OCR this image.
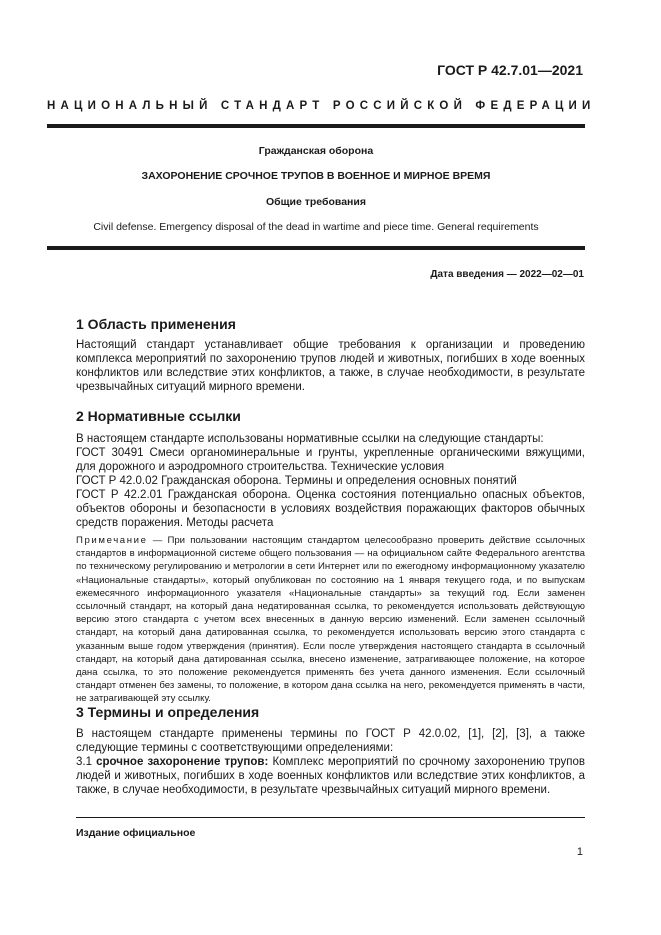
ГОСТ Р 42.7.01—2021
НАЦИОНАЛЬНЫЙ СТАНДАРТ РОССИЙСКОЙ ФЕДЕРАЦИИ
Гражданская оборона
ЗАХОРОНЕНИЕ СРОЧНОЕ ТРУПОВ В ВОЕННОЕ И МИРНОЕ ВРЕМЯ
Общие требования
Civil defense. Emergency disposal of the dead in wartime and piece time. General requirements
Дата введения — 2022—02—01
1 Область применения

Настоящий стандарт устанавливает общие требования к организации и проведению комплекса мероприятий по захоронению трупов людей и животных, погибших в ходе военных конфликтов или вследствие этих конфликтов, а также, в случае необходимости, в результате чрезвычайных ситуаций мирного времени.

2 Нормативные ссылки

В настоящем стандарте использованы нормативные ссылки на следующие стандарты:

ГОСТ 30491 Смеси органоминеральные и грунты, укрепленные органическими вяжущими, для дорожного и аэродромного строительства. Технические условия

ГОСТ Р 42.0.02 Гражданская оборона. Термины и определения основных понятий

ГОСТ Р 42.2.01 Гражданская оборона. Оценка состояния потенциально опасных объектов, объектов обороны и безопасности в условиях воздействия поражающих факторов обычных средств поражения. Методы расчета

Примечание — При пользовании настоящим стандартом целесообразно проверить действие ссылочных стандартов в информационной системе общего пользования — на официальном сайте Федерального агентства по техническому регулированию и метрологии в сети Интернет или по ежегодному информационному указателю «Национальные стандарты», который опубликован по состоянию на 1 января текущего года, и по выпускам ежемесячного информационного указателя «Национальные стандарты» за текущий год. Если заменен ссылочный стандарт, на который дана недатированная ссылка, то рекомендуется использовать действующую версию этого стандарта с учетом всех внесенных в данную версию изменений. Если заменен ссылочный стандарт, на который дана датированная ссылка, то рекомендуется использовать версию этого стандарта с указанным выше годом утверждения (принятия). Если после утверждения настоящего стандарта в ссылочный стандарт, на который дана датированная ссылка, внесено изменение, затрагивающее положение, на которое дана ссылка, то это положение рекомендуется применять без учета данного изменения. Если ссылочный стандарт отменен без замены, то положение, в котором дана ссылка на него, рекомендуется применять в части, не затрагивающей эту ссылку.
3 Термины и определения

В настоящем стандарте применены термины по ГОСТ Р 42.0.02, [1], [2], [3], а также следующие термины с соответствующими определениями:

3.1 срочное захоронение трупов: Комплекс мероприятий по срочному захоронению трупов людей и животных, погибших в ходе военных конфликтов или вследствие этих конфликтов, а также, в случае необходимости, в результате чрезвычайных ситуаций мирного времени.

Издание официальное
1
